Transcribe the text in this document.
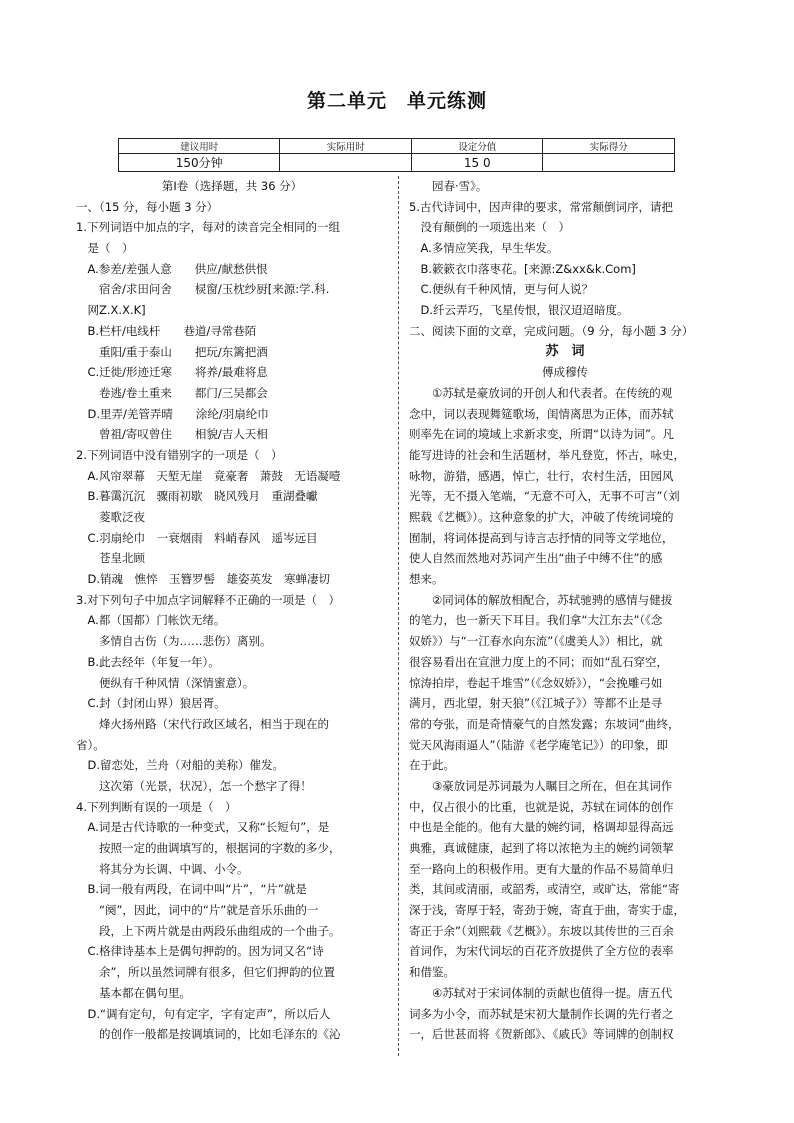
第二单元　单元练测
建议用时	实际用时	设定分值	实际得分
150分钟		15 0	
第Ⅰ卷（选择题，共 36 分）
一、（15 分，每小题 3 分）
1.下列词语中加点的字，每对的读音完全相同的一组
　是（　）
　A.参差/差强人意　　供应/献愁供恨
　　宿舍/求田问舍　　棂窗/玉枕纱厨[来源:学.科.
　网Z.X.X.K]
　B.栏杆/电线杆　　巷道/寻常巷陌
　　重阳/重于泰山　　把玩/东篱把酒
　C.迁徙/形迹迁寒　　将养/最难将息
　　卷逃/卷土重来　　都门/三吴都会
　D.里弄/羌管弄晴　　涂纶/羽扇纶巾
　　曾祖/寄叹曾住　　相貌/吉人天相
2.下列词语中没有错别字的一项是（　）
　A.风帘翠幕　天堑无崖　竟豪奢　萧鼓　无语凝噎
　B.暮霭沉沉　骤雨初歇　晓风残月　重湖叠巘
　　菱歌泛夜
　C.羽扇纶巾　一衰烟雨　料峭春风　遥岑远目
　　苍皇北顾
　D.销魂　憔悴　玉簪罗髻　雄姿英发　寒蝉凄切
3.对下列句子中加点字词解释不正确的一项是（　）
　A.都（国都）门帐饮无绪。
　　多情自古伤（为……悲伤）离别。
　B.此去经年（年复一年）。
　　便纵有千种风情（深情蜜意）。
　C.封（封闭山界）狼居胥。
　　烽火扬州路（宋代行政区域名，相当于现在的
省）。
　D.留恋处，兰舟（对船的美称）催发。
　　这次第（光景，状况），怎一个愁字了得！
4.下列判断有误的一项是（　）
　A.词是古代诗歌的一种变式，又称“长短句”，是
　　按照一定的曲调填写的，根据词的字数的多少，
　　将其分为长调、中调、小令。
　B.词一般有两段，在词中叫“片”，“片”就是
　　“阕”，因此，词中的“片”就是音乐乐曲的一
　　段，上下两片就是由两段乐曲组成的一个曲子。
　C.格律诗基本上是偶句押韵的。因为词又名“诗
　　余”，所以虽然词牌有很多，但它们押韵的位置
　　基本都在偶句里。
　D.“调有定句，句有定字，字有定声”，所以后人
　　的创作一般都是按调填词的，比如毛泽东的《沁
　　园春·雪》。
5.古代诗词中，因声律的要求，常常颠倒词序，请把
　没有颠倒的一项选出来（　）
　A.多情应笑我，早生华发。
　B.簌簌衣巾落枣花。[来源:Z&xx&k.Com]
　C.便纵有千种风情，更与何人说？
　D.纤云弄巧，飞星传恨，银汉迢迢暗度。
二、阅读下面的文章，完成问题。（9 分，每小题 3 分）
苏　词
傅成穆传
　　①苏轼是豪放词的开创人和代表者。在传统的观
念中，词以表现舞筵歌场，闺情离思为正体，而苏轼
则率先在词的境域上求新求变，所谓“以诗为词”。凡
能写进诗的社会和生活题材，举凡登览，怀古，咏史，
咏物，游猎，感遇，悼亡，壮行，农村生活，田园风
光等，无不摄入笔端，“无意不可入，无事不可言”（刘
熙载《艺概》）。这种意象的扩大，冲破了传统词境的
囿制，将词体提高到与诗言志抒情的同等文学地位，
使人自然而然地对苏词产生出“曲子中缚不住”的感
想来。
　　②同词体的解放相配合，苏轼驰骋的感情与健拔
的笔力，也一新天下耳目。我们拿“大江东去”（《念
奴娇》）与“一江春水向东流”（《虞美人》）相比，就
很容易看出在宣泄力度上的不同；而如“乱石穿空，
惊涛拍岸，卷起千堆雪”（《念奴娇》），“会挽雕弓如
满月，西北望，射天狼”（《江城子》）等都不止是寻
常的夸张，而是奇情豪气的自然发露；东坡词“曲终，
觉天风海雨逼人”（陆游《老学庵笔记》）的印象，即
在于此。
　　③豪放词是苏词最为人瞩目之所在，但在其词作
中，仅占很小的比重，也就是说，苏轼在词体的创作
中也是全能的。他有大量的婉约词，格调却显得高远
典雅，真诚健康，起到了将以浓艳为主的婉约词领挈
至一路向上的积极作用。更有大量的作品不易简单归
类，其间或清丽，或韶秀，或清空，或旷达，常能“寄
深于浅，寄厚于轻，寄劲于婉，寄直于曲，寄实于虚，
寄正于余”（刘熙载《艺概》）。东坡以其传世的三百余
首词作，为宋代词坛的百花齐放提供了全方位的表率
和借鉴。
　　④苏轼对于宋词体制的贡献也值得一提。唐五代
词多为小令，而苏轼是宋初大量制作长调的先行者之
一，后世甚而将《贺新郎》、《戚氏》等词牌的创制权
